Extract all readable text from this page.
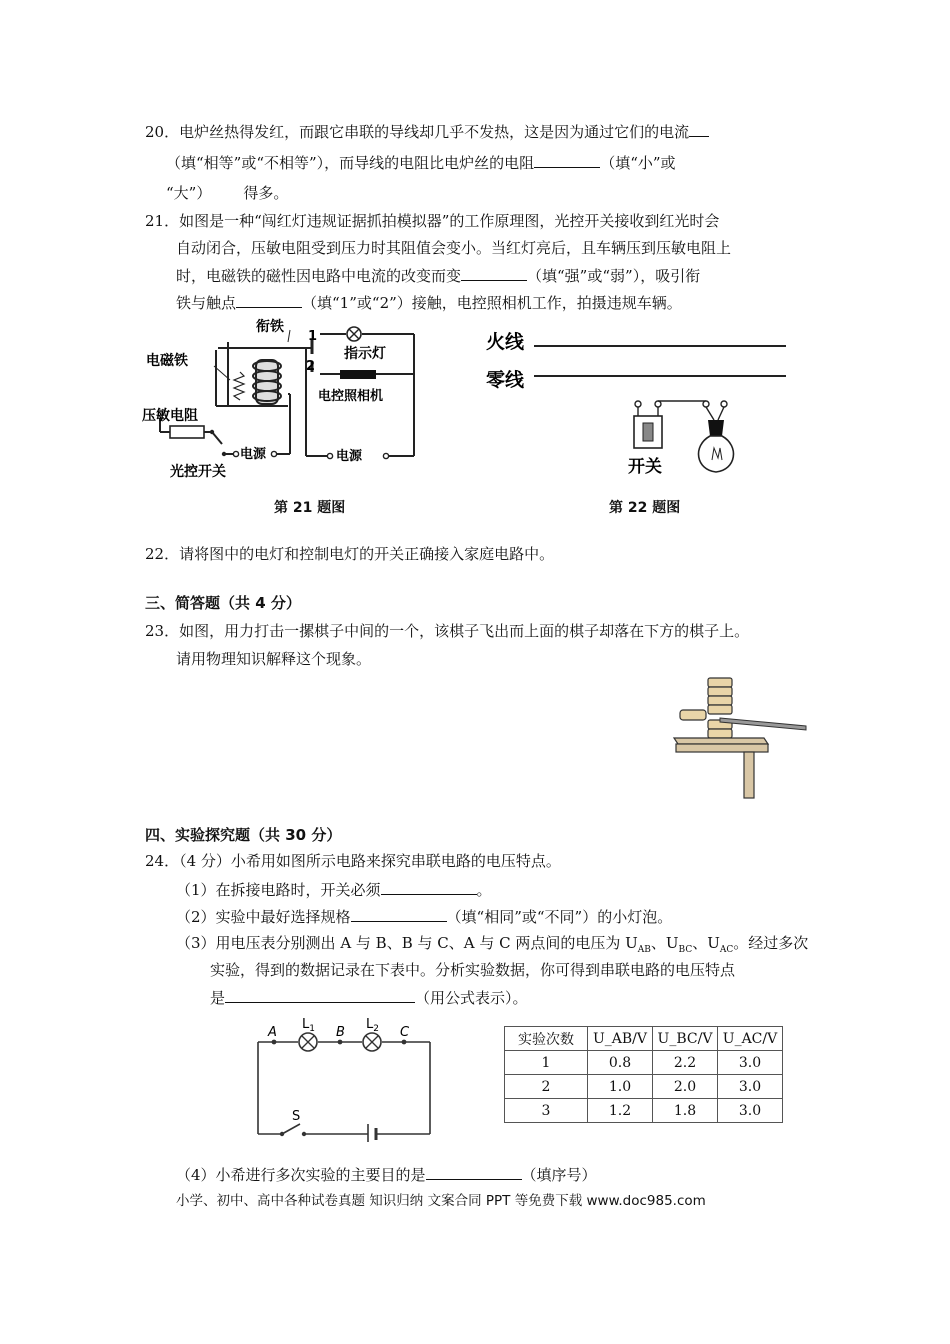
20．电炉丝热得发红，而跟它串联的导线却几乎不发热，这是因为通过它们的电流
（填“相等”或“不相等”），而导线的电阻比电炉丝的电阻	（填“小”或
“大”） 得多。
21．如图是一种“闯红灯违规证据抓拍模拟器”的工作原理图，光控开关接收到红光时会
自动闭合，压敏电阻受到压力时其阻值会变小。当红灯亮后，且车辆压到压敏电阻上
时，电磁铁的磁性因电路中电流的改变而变	（填“强”或“弱”），吸引衔
铁与触点	（填“1”或“2”）接触，电控照相机工作，拍摄违规车辆。
衔铁
电磁铁	指示灯
电控照相机
压敏电阻
电源	电源
光控开关
1
2
火线
零线
开关
第 21 题图	第 22 题图
22．请将图中的电灯和控制电灯的开关正确接入家庭电路中。
三、简答题（共 4 分）
23．如图，用力打击一摞棋子中间的一个，该棋子飞出而上面的棋子却落在下方的棋子上。
请用物理知识解释这个现象。
四、实验探究题（共 30 分）
24．（4 分）小希用如图所示电路来探究串联电路的电压特点。
（1）在拆接电路时，开关必须	。
（2）实验中最好选择规格	（填“相同”或“不同”）的小灯泡。
（3）用电压表分别测出 A 与 B、B 与 C、A 与 C 两点间的电压为 $U_{AB}$、$U_{BC}$、$U_{AC}$。经过多次
实验，得到的数据记录在下表中。分析实验数据，你可得到串联电路的电压特点
是	（用公式表示）。
A
$L_1$ B
$L_2$ C
S
实验次数	U_AB/V	U_BC/V	U_AC/V
1	0.8	2.2	3.0
2	1.0	2.0	3.0
3	1.2	1.8	3.0
（4）小希进行多次实验的主要目的是	（填序号）
小学、初中、高中各种试卷真题 知识归纳 文案合同 PPT 等免费下载 www.doc985.com
